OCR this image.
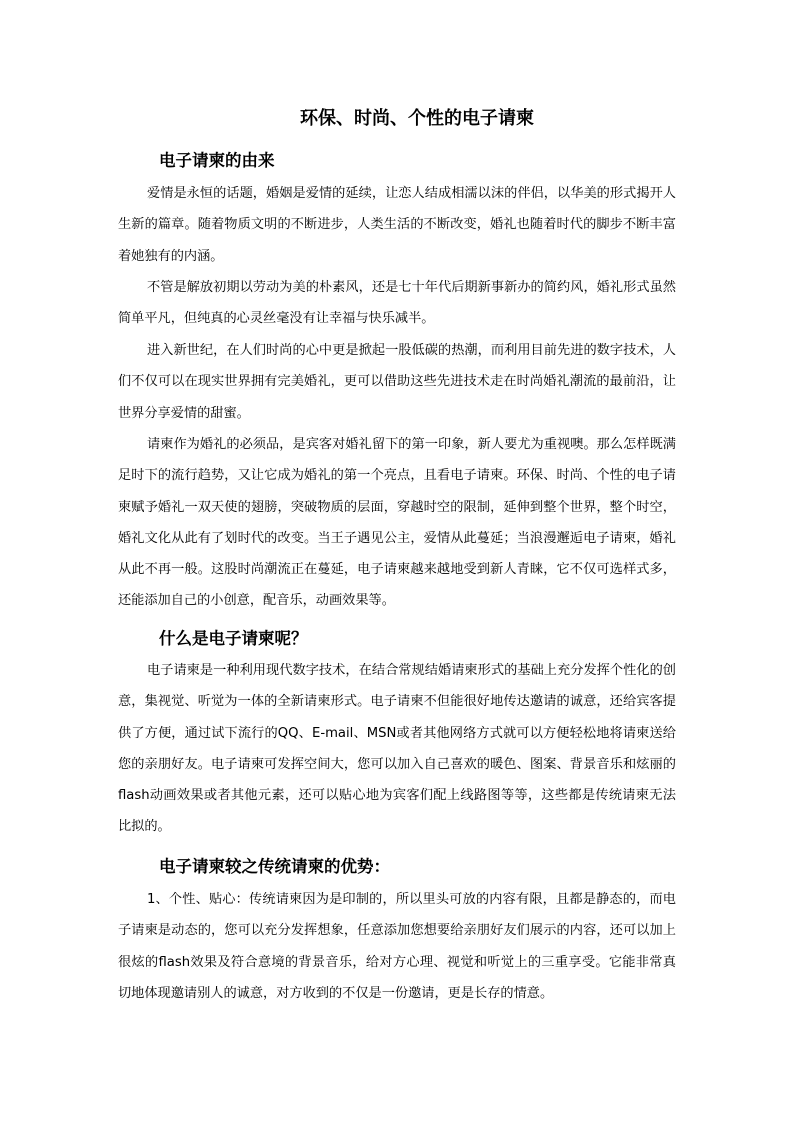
环保、时尚、个性的电子请柬
电子请柬的由来
爱情是永恒的话题，婚姻是爱情的延续，让恋人结成相濡以沫的伴侣，以华美的形式揭开人生新的篇章。随着物质文明的不断进步，人类生活的不断改变，婚礼也随着时代的脚步不断丰富着她独有的内涵。
不管是解放初期以劳动为美的朴素风，还是七十年代后期新事新办的简约风，婚礼形式虽然简单平凡，但纯真的心灵丝毫没有让幸福与快乐减半。
进入新世纪，在人们时尚的心中更是掀起一股低碳的热潮，而利用目前先进的数字技术，人们不仅可以在现实世界拥有完美婚礼，更可以借助这些先进技术走在时尚婚礼潮流的最前沿，让世界分享爱情的甜蜜。
请柬作为婚礼的必须品，是宾客对婚礼留下的第一印象，新人要尤为重视噢。那么怎样既满足时下的流行趋势，又让它成为婚礼的第一个亮点，且看电子请柬。环保、时尚、个性的电子请柬赋予婚礼一双天使的翅膀，突破物质的层面，穿越时空的限制，延伸到整个世界，整个时空，婚礼文化从此有了划时代的改变。当王子遇见公主，爱情从此蔓延；当浪漫邂逅电子请柬，婚礼从此不再一般。这股时尚潮流正在蔓延，电子请柬越来越地受到新人青睐，它不仅可选样式多，还能添加自己的小创意，配音乐，动画效果等。
什么是电子请柬呢？
电子请柬是一种利用现代数字技术，在结合常规结婚请柬形式的基础上充分发挥个性化的创意，集视觉、听觉为一体的全新请柬形式。电子请柬不但能很好地传达邀请的诚意，还给宾客提供了方便，通过试下流行的QQ、E-mail、MSN或者其他网络方式就可以方便轻松地将请柬送给您的亲朋好友。电子请柬可发挥空间大，您可以加入自己喜欢的暖色、图案、背景音乐和炫丽的flash动画效果或者其他元素，还可以贴心地为宾客们配上线路图等等，这些都是传统请柬无法比拟的。
电子请柬较之传统请柬的优势：
1、个性、贴心：传统请柬因为是印制的，所以里头可放的内容有限，且都是静态的，而电子请柬是动态的，您可以充分发挥想象，任意添加您想要给亲朋好友们展示的内容，还可以加上很炫的flash效果及符合意境的背景音乐，给对方心理、视觉和听觉上的三重享受。它能非常真切地体现邀请别人的诚意，对方收到的不仅是一份邀请，更是长存的情意。
